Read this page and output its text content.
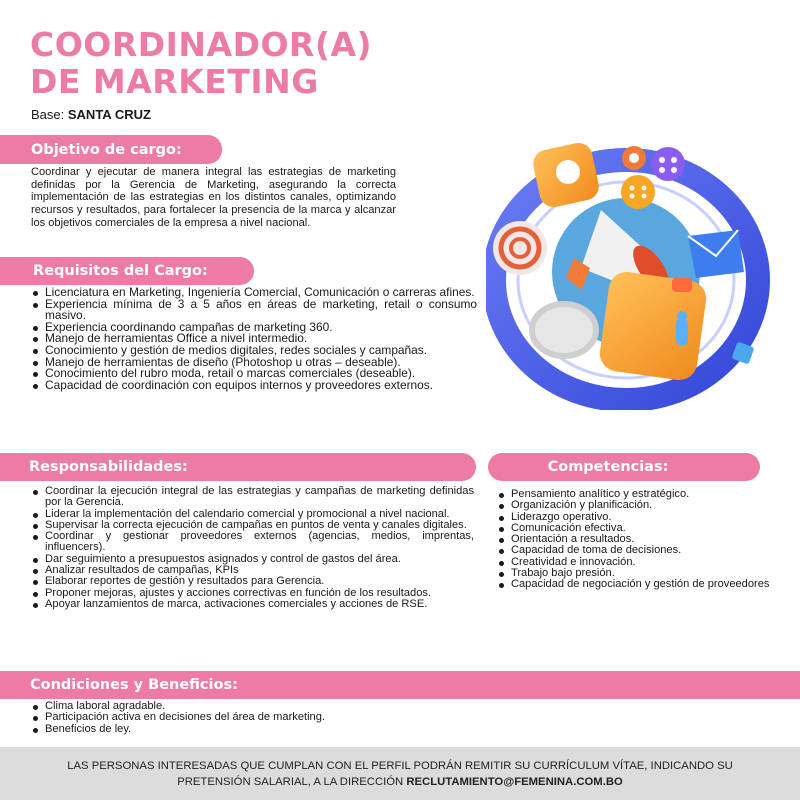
COORDINADOR(A)
DE MARKETING
Base: SANTA CRUZ
Objetivo de cargo:
Coordinar y ejecutar de manera integral las estrategias de marketing definidas por la Gerencia de Marketing, asegurando la correcta implementación de las estrategias en los distintos canales, optimizando recursos y resultados, para fortalecer la presencia de la marca y alcanzar los objetivos comerciales de la empresa a nivel nacional.
Requisitos del Cargo:
Licenciatura en Marketing, Ingeniería Comercial, Comunicación o carreras afines.
Experiencia mínima de 3 a 5 años en áreas de marketing, retail o consumo masivo.
Experiencia coordinando campañas de marketing 360.
Manejo de herramientas Office a nivel intermedio.
Conocimiento y gestión de medios digitales, redes sociales y campañas.
Manejo de herramientas de diseño (Photoshop u otras – deseable).
Conocimiento del rubro moda, retail o marcas comerciales (deseable).
Capacidad de coordinación con equipos internos y proveedores externos.
Responsabilidades:
Coordinar la ejecución integral de las estrategias y campañas de marketing definidas por la Gerencia.
Liderar la implementación del calendario comercial y promocional a nivel nacional.
Supervisar la correcta ejecución de campañas en puntos de venta y canales digitales.
Coordinar y gestionar proveedores externos (agencias, medios, imprentas, influencers).
Dar seguimiento a presupuestos asignados y control de gastos del área.
Analizar resultados de campañas, KPIs
Elaborar reportes de gestión y resultados para Gerencia.
Proponer mejoras, ajustes y acciones correctivas en función de los resultados.
Apoyar lanzamientos de marca, activaciones comerciales y acciones de RSE.
Competencias:
Pensamiento analítico y estratégico.
Organización y planificación.
Liderazgo operativo.
Comunicación efectiva.
Orientación a resultados.
Capacidad de toma de decisiones.
Creatividad e innovación.
Trabajo bajo presión.
Capacidad de negociación y gestión de proveedores
Condiciones y Beneficios:
Clima laboral agradable.
Participación activa en decisiones del área de marketing.
Beneficios de ley.
LAS PERSONAS INTERESADAS QUE CUMPLAN CON EL PERFIL PODRÁN REMITIR SU CURRÍCULUM VÍTAE, INDICANDO SU
PRETENSIÓN SALARIAL, A LA DIRECCIÓN RECLUTAMIENTO@FEMENINA.COM.BO
